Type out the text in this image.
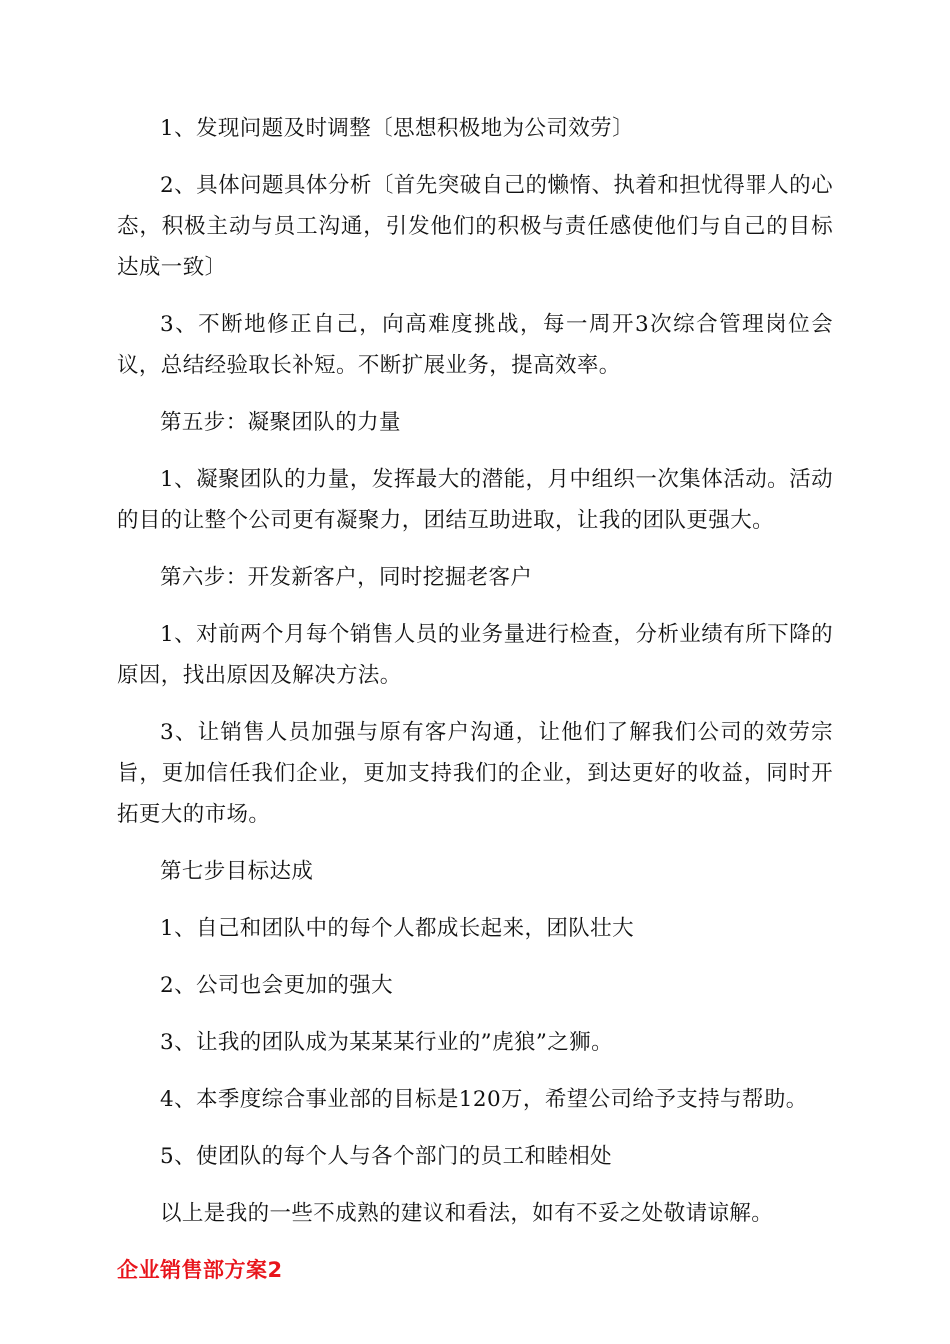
1、发现问题及时调整〔思想积极地为公司效劳〕

2、具体问题具体分析〔首先突破自己的懒惰、执着和担忧得罪人的心态，积极主动与员工沟通，引发他们的积极与责任感使他们与自己的目标达成一致〕

3、不断地修正自己，向高难度挑战，每一周开3次综合管理岗位会议，总结经验取长补短。不断扩展业务，提高效率。

第五步：凝聚团队的力量

1、凝聚团队的力量，发挥最大的潜能，月中组织一次集体活动。活动的目的让整个公司更有凝聚力，团结互助进取，让我的团队更强大。

第六步：开发新客户，同时挖掘老客户

1、对前两个月每个销售人员的业务量进行检查，分析业绩有所下降的原因，找出原因及解决方法。

3、让销售人员加强与原有客户沟通，让他们了解我们公司的效劳宗旨，更加信任我们企业，更加支持我们的企业，到达更好的收益，同时开拓更大的市场。

第七步目标达成

1、自己和团队中的每个人都成长起来，团队壮大

2、公司也会更加的强大

3、让我的团队成为某某某行业的”虎狼”之狮。

4、本季度综合事业部的目标是120万，希望公司给予支持与帮助。

5、使团队的每个人与各个部门的员工和睦相处

以上是我的一些不成熟的建议和看法，如有不妥之处敬请谅解。

企业销售部方案2
